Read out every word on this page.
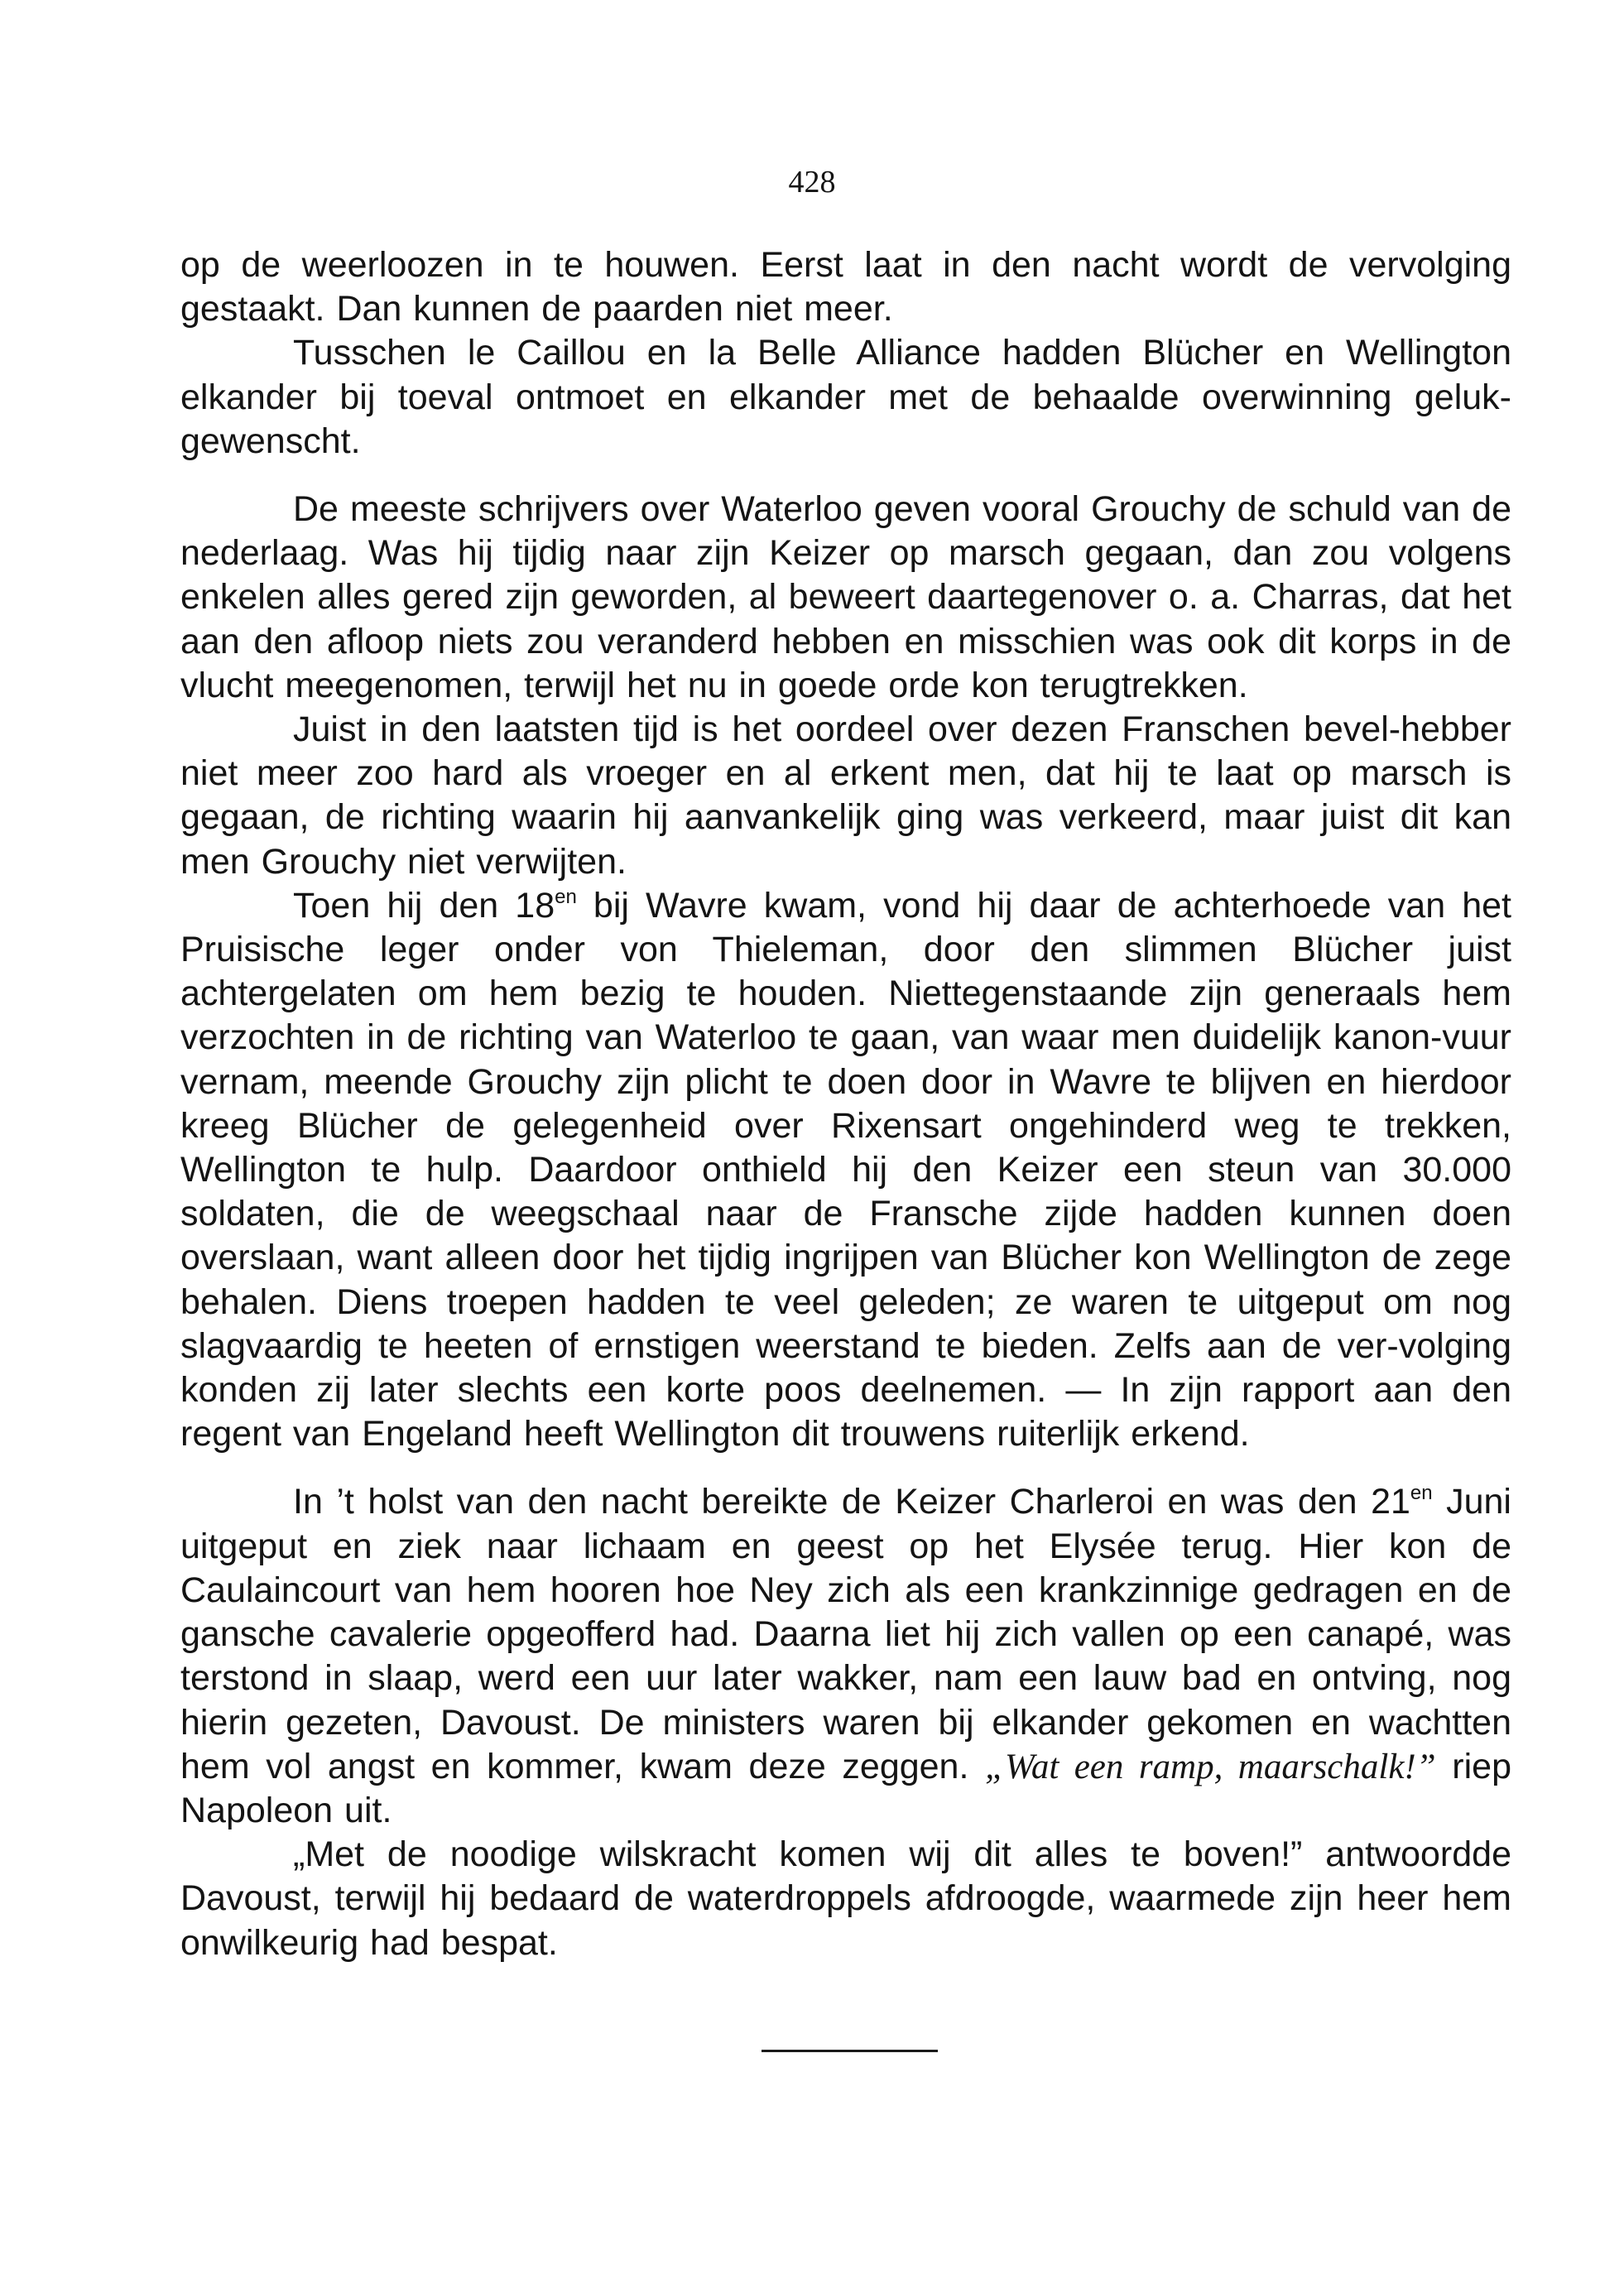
428

op de weerloozen in te houwen. Eerst laat in den nacht wordt de vervolging gestaakt. Dan kunnen de paarden niet meer.

Tusschen le Caillou en la Belle Alliance hadden Blücher en Wellington elkander bij toeval ontmoet en elkander met de behaalde overwinning geluk-gewenscht.

De meeste schrijvers over Waterloo geven vooral Grouchy de schuld van de nederlaag. Was hij tijdig naar zijn Keizer op marsch gegaan, dan zou volgens enkelen alles gered zijn geworden, al beweert daartegenover o. a. Charras, dat het aan den afloop niets zou veranderd hebben en misschien was ook dit korps in de vlucht meegenomen, terwijl het nu in goede orde kon terugtrekken.

Juist in den laatsten tijd is het oordeel over dezen Franschen bevel-hebber niet meer zoo hard als vroeger en al erkent men, dat hij te laat op marsch is gegaan, de richting waarin hij aanvankelijk ging was verkeerd, maar juist dit kan men Grouchy niet verwijten.

Toen hij den $18^{en}$ bij Wavre kwam, vond hij daar de achterhoede van het Pruisische leger onder von Thieleman, door den slimmen Blücher juist achtergelaten om hem bezig te houden. Niettegenstaande zijn generaals hem verzochten in de richting van Waterloo te gaan, van waar men duidelijk kanon-vuur vernam, meende Grouchy zijn plicht te doen door in Wavre te blijven en hierdoor kreeg Blücher de gelegenheid over Rixensart ongehinderd weg te trekken, Wellington te hulp. Daardoor onthield hij den Keizer een steun van 30.000 soldaten, die de weegschaal naar de Fransche zijde hadden kunnen doen overslaan, want alleen door het tijdig ingrijpen van Blücher kon Wellington de zege behalen. Diens troepen hadden te veel geleden; ze waren te uitgeput om nog slagvaardig te heeten of ernstigen weerstand te bieden. Zelfs aan de ver-volging konden zij later slechts een korte poos deelnemen. — In zijn rapport aan den regent van Engeland heeft Wellington dit trouwens ruiterlijk erkend.

In ’t holst van den nacht bereikte de Keizer Charleroi en was den $21^{en}$ Juni uitgeput en ziek naar lichaam en geest op het Elysée terug. Hier kon de Caulaincourt van hem hooren hoe Ney zich als een krankzinnige gedragen en de gansche cavalerie opgeofferd had. Daarna liet hij zich vallen op een canapé, was terstond in slaap, werd een uur later wakker, nam een lauw bad en ontving, nog hierin gezeten, Davoust. De ministers waren bij elkander gekomen en wachtten hem vol angst en kommer, kwam deze zeggen. „Wat een ramp, maarschalk!” riep Napoleon uit.

„Met de noodige wilskracht komen wij dit alles te boven!” antwoordde Davoust, terwijl hij bedaard de waterdroppels afdroogde, waarmede zijn heer hem onwilkeurig had bespat.
